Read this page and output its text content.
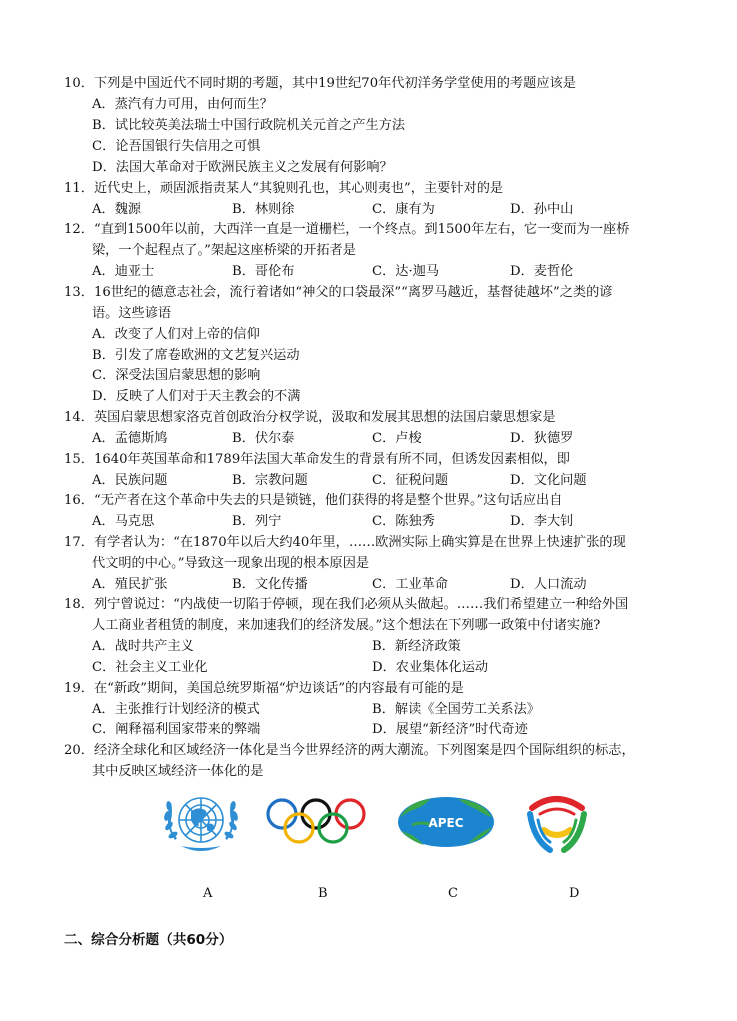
10．下列是中国近代不同时期的考题，其中19世纪70年代初洋务学堂使用的考题应该是
A．蒸汽有力可用，由何而生？
B．试比较英美法瑞士中国行政院机关元首之产生方法
C．论吾国银行失信用之可惧
D．法国大革命对于欧洲民族主义之发展有何影响？
11．近代史上，顽固派指责某人“其貌则孔也，其心则夷也”，主要针对的是
A．魏源	B．林则徐	C．康有为	D．孙中山
12．“直到1500年以前，大西洋一直是一道栅栏，一个终点。到1500年左右，它一变而为一座桥
梁，一个起程点了。”架起这座桥梁的开拓者是
A．迪亚士	B．哥伦布	C．达·迦马	D．麦哲伦
13．16世纪的德意志社会，流行着诸如“神父的口袋最深”“离罗马越近，基督徒越坏”之类的谚
语。这些谚语
A．改变了人们对上帝的信仰
B．引发了席卷欧洲的文艺复兴运动
C．深受法国启蒙思想的影响
D．反映了人们对于天主教会的不满
14．英国启蒙思想家洛克首创政治分权学说，汲取和发展其思想的法国启蒙思想家是
A．孟德斯鸠	B．伏尔泰	C．卢梭	D．狄德罗
15．1640年英国革命和1789年法国大革命发生的背景有所不同，但诱发因素相似，即
A．民族问题	B．宗教问题	C．征税问题	D．文化问题
16．“无产者在这个革命中失去的只是锁链，他们获得的将是整个世界。”这句话应出自
A．马克思	B．列宁	C．陈独秀	D．李大钊
17．有学者认为：“在1870年以后大约40年里，……欧洲实际上确实算是在世界上快速扩张的现
代文明的中心。”导致这一现象出现的根本原因是
A．殖民扩张	B．文化传播	C．工业革命	D．人口流动
18．列宁曾说过：“内战使一切陷于停顿，现在我们必须从头做起。……我们希望建立一种给外国
人工商业者租赁的制度，来加速我们的经济发展。”这个想法在下列哪一政策中付诸实施?
A．战时共产主义	B．新经济政策
C．社会主义工业化	D．农业集体化运动
19．在“新政”期间，美国总统罗斯福“炉边谈话”的内容最有可能的是
A．主张推行计划经济的模式	B．解读《全国劳工关系法》
C．阐释福利国家带来的弊端	D．展望“新经济”时代奇迹
20．经济全球化和区域经济一体化是当今世界经济的两大潮流。下列图案是四个国际组织的标志，
其中反映区域经济一体化的是
APEC
A	B	C	D
二、综合分析题（共60分）
